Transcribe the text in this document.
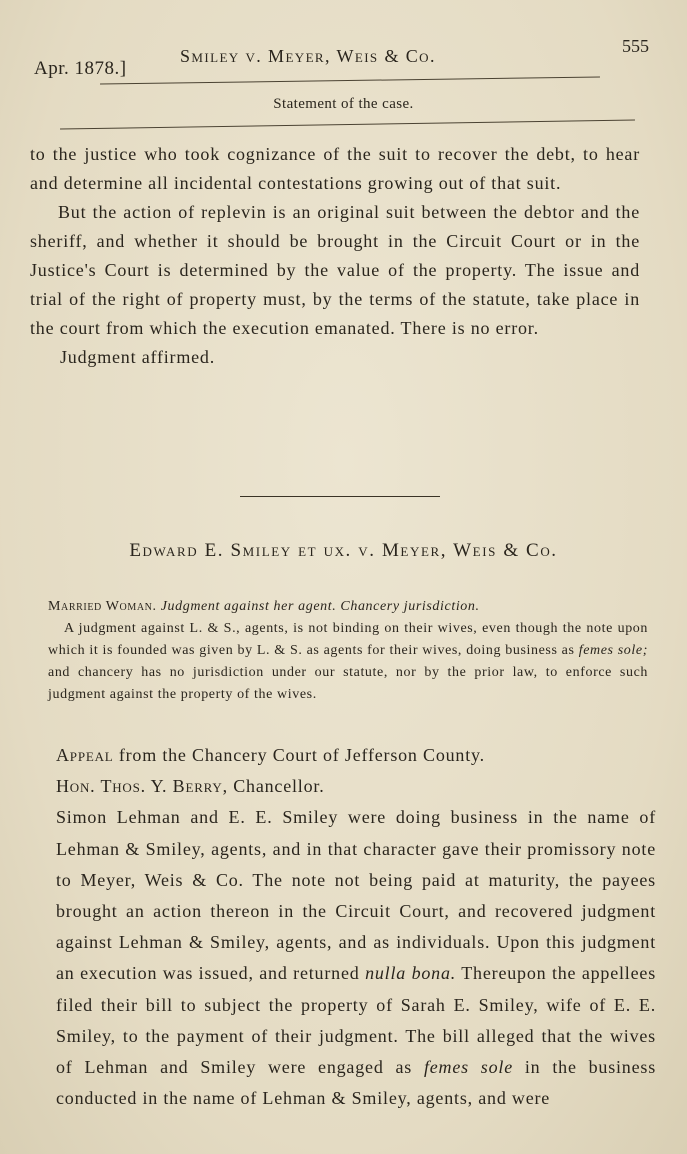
Apr. 1878.]
Smiley v. Meyer, Weis & Co.	555
Statement of the case.

to the justice who took cognizance of the suit to recover the debt, to hear and determine all incidental contestations growing out of that suit.

But the action of replevin is an original suit between the debtor and the sheriff, and whether it should be brought in the Circuit Court or in the Justice's Court is determined by the value of the property. The issue and trial of the right of property must, by the terms of the statute, take place in the court from which the execution emanated. There is no error.

Judgment affirmed.

Edward E. Smiley et ux. v. Meyer, Weis & Co.

Married Woman. Judgment against her agent. Chancery jurisdiction.

A judgment against L. & S., agents, is not binding on their wives, even though the note upon which it is founded was given by L. & S. as agents for their wives, doing business as femes sole; and chancery has no jurisdiction under our statute, nor by the prior law, to enforce such judgment against the property of the wives.

Appeal from the Chancery Court of Jefferson County.

Hon. Thos. Y. Berry, Chancellor.

Simon Lehman and E. E. Smiley were doing business in the name of Lehman & Smiley, agents, and in that character gave their promissory note to Meyer, Weis & Co. The note not being paid at maturity, the payees brought an action thereon in the Circuit Court, and recovered judgment against Lehman & Smiley, agents, and as individuals. Upon this judgment an execution was issued, and returned nulla bona. Thereupon the appellees filed their bill to subject the property of Sarah E. Smiley, wife of E. E. Smiley, to the payment of their judgment. The bill alleged that the wives of Lehman and Smiley were engaged as femes sole in the business conducted in the name of Lehman & Smiley, agents, and were
